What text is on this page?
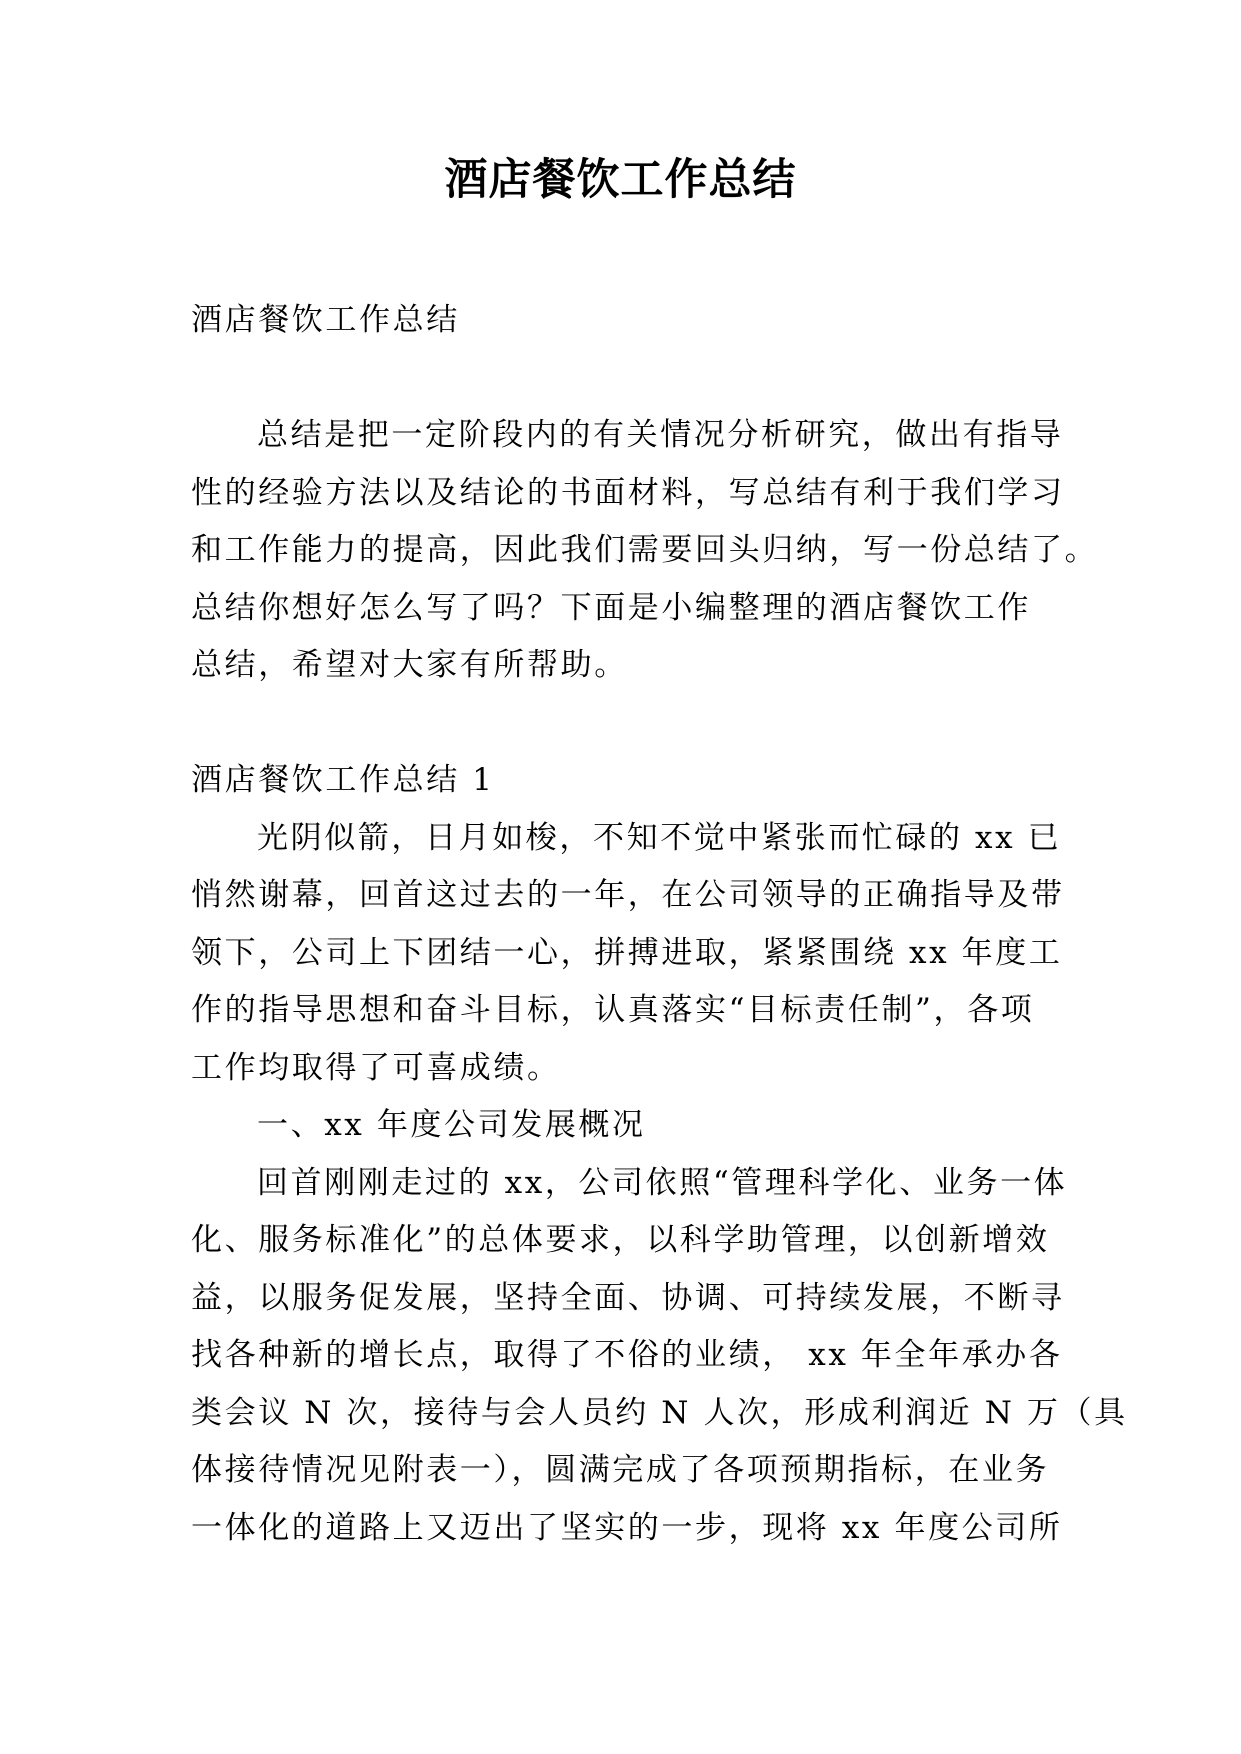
酒店餐饮工作总结
酒店餐饮工作总结
总结是把一定阶段内的有关情况分析研究，做出有指导
性的经验方法以及结论的书面材料，写总结有利于我们学习
和工作能力的提高，因此我们需要回头归纳，写一份总结了。
总结你想好怎么写了吗？下面是小编整理的酒店餐饮工作
总结，希望对大家有所帮助。
酒店餐饮工作总结 1
光阴似箭，日月如梭，不知不觉中紧张而忙碌的 xx 已
悄然谢幕，回首这过去的一年，在公司领导的正确指导及带
领下，公司上下团结一心，拼搏进取，紧紧围绕 xx 年度工
作的指导思想和奋斗目标，认真落实“目标责任制”，各项
工作均取得了可喜成绩。
一、xx 年度公司发展概况
回首刚刚走过的 xx，公司依照“管理科学化、业务一体
化、服务标准化”的总体要求，以科学助管理，以创新增效
益，以服务促发展，坚持全面、协调、可持续发展，不断寻
找各种新的增长点，取得了不俗的业绩， xx 年全年承办各
类会议 N 次，接待与会人员约 N 人次，形成利润近 N 万（具
体接待情况见附表一），圆满完成了各项预期指标，在业务
一体化的道路上又迈出了坚实的一步，现将 xx 年度公司所
